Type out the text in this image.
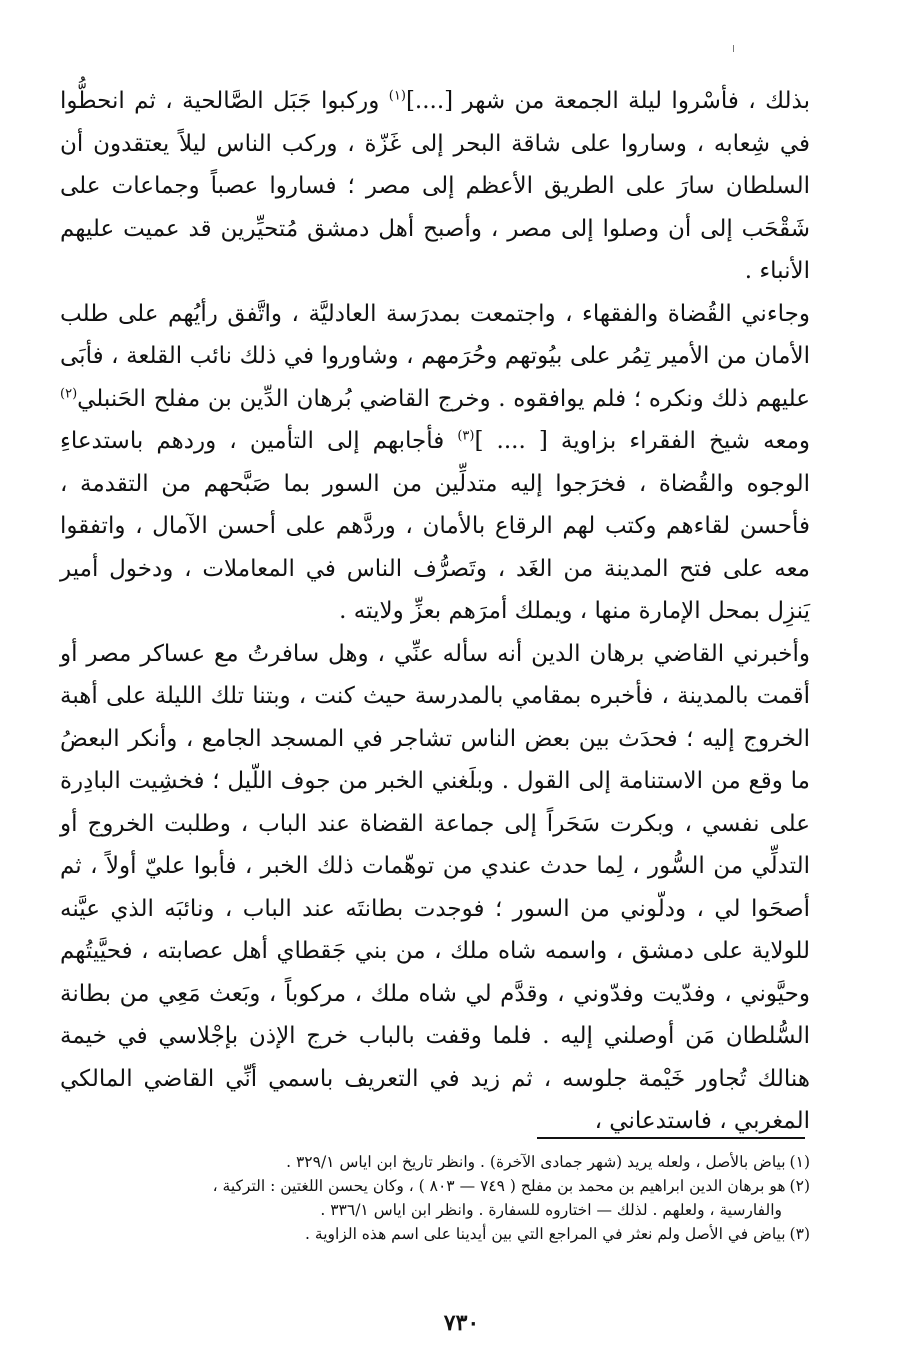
بذلك ، فأسْروا ليلة الجمعة من شهر [....]$^{(١)}$ وركبوا جَبَل الصَّالحية ، ثم انحطُّوا في شِعابه ، وساروا على شاقة البحر إلى غَزّة ، وركب الناس ليلاً يعتقدون أن السلطان سارَ على الطريق الأعظم إلى مصر ؛ فساروا عصباً وجماعات على شَقْحَب إلى أن وصلوا إلى مصر ، وأصبح أهل دمشق مُتحيِّرين قد عميت عليهم الأنباء .

وجاءني القُضاة والفقهاء ، واجتمعت بمدرَسة العادليَّة ، واتَّفق رأيُهم على طلب الأمان من الأمير تِمُر على بيُوتهم وحُرَمهم ، وشاوروا في ذلك نائب القلعة ، فأبَى عليهم ذلك ونكره ؛ فلم يوافقوه . وخرج القاضي بُرهان الدِّين بن مفلح الحَنبلي$^{(٢)}$ ومعه شيخ الفقراء بزاوية [ .... ]$^{(٣)}$ فأجابهم إلى التأمين ، وردهم باستدعاءِ الوجوه والقُضاة ، فخرَجوا إليه متدلِّين من السور بما صَبَّحهم من التقدمة ، فأحسن لقاءهم وكتب لهم الرقاع بالأمان ، وردَّهم على أحسن الآمال ، واتفقوا معه على فتح المدينة من الغَد ، وتَصرُّف الناس في المعاملات ، ودخول أمير يَنزِل بمحل الإمارة منها ، ويملك أمرَهم بعزِّ ولايته .

وأخبرني القاضي برهان الدين أنه سأله عنِّي ، وهل سافرتُ مع عساكر مصر أو أقمت بالمدينة ، فأخبره بمقامي بالمدرسة حيث كنت ، وبتنا تلك الليلة على أهبة الخروج إليه ؛ فحدَث بين بعض الناس تشاجر في المسجد الجامع ، وأنكر البعضُ ما وقع من الاستنامة إلى القول . وبلَغني الخبر من جوف اللّيل ؛ فخشِيت البادِرة على نفسي ، وبكرت سَحَراً إلى جماعة القضاة عند الباب ، وطلبت الخروج أو التدلِّي من السُّور ، لِما حدث عندي من توهّمات ذلك الخبر ، فأبوا عليّ أولاً ، ثم أصحَوا لي ، ودلّوني من السور ؛ فوجدت بطانتَه عند الباب ، ونائبَه الذي عيَّنه للولاية على دمشق ، واسمه شاه ملك ، من بني جَقطاي أهل عصابته ، فحيَّيتُهم وحيَّوني ، وفدّيت وفدّوني ، وقدَّم لي شاه ملك ، مركوباً ، وبَعث مَعِي من بطانة السُّلطان مَن أوصلني إليه . فلما وقفت بالباب خرج الإذن بإجْلاسي في خيمة هنالك تُجاور خَيْمة جلوسه ، ثم زيد في التعريف باسمي أنِّي القاضي المالكي المغربي ، فاستدعاني ،

(١)بياض بالأصل ، ولعله يريد (شهر جمادى الآخرة) . وانظر تاريخ ابن اياس ٣٢٩/١ .

(٢)هو برهان الدين ابراهيم بن محمد بن مفلح ( ٧٤٩ — ٨٠٣ ) ، وكان يحسن اللغتين : التركية ،

والفارسية ، ولعلهم . لذلك — اختاروه للسفارة . وانظر ابن اياس ٣٣٦/١ .

(٣)بياض في الأصل ولم نعثر في المراجع التي بين أيدينا على اسم هذه الزاوية .

٧٣٠
